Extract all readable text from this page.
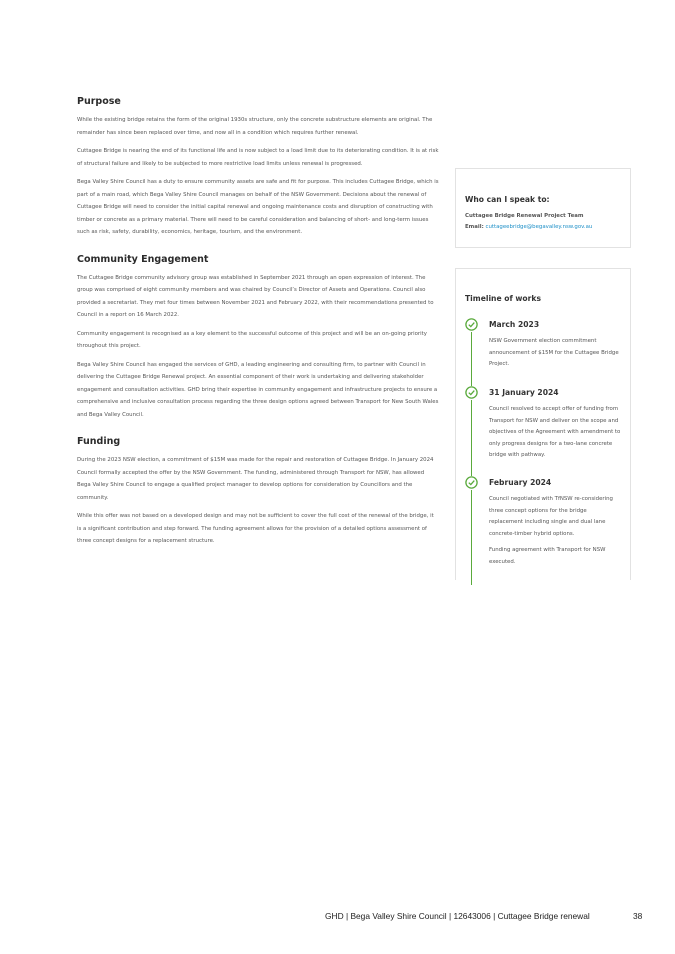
Purpose

While the existing bridge retains the form of the original 1930s structure, only the concrete substructure elements are original. The remainder has since been replaced over time, and now all in a condition which requires further renewal.

Cuttagee Bridge is nearing the end of its functional life and is now subject to a load limit due to its deteriorating condition. It is at risk of structural failure and likely to be subjected to more restrictive load limits unless renewal is progressed.

Bega Valley Shire Council has a duty to ensure community assets are safe and fit for purpose. This includes Cuttagee Bridge, which is part of a main road, which Bega Valley Shire Council manages on behalf of the NSW Government. Decisions about the renewal of Cuttagee Bridge will need to consider the initial capital renewal and ongoing maintenance costs and disruption of constructing with timber or concrete as a primary material. There will need to be careful consideration and balancing of short- and long-term issues such as risk, safety, durability, economics, heritage, tourism, and the environment.

Community Engagement

The Cuttagee Bridge community advisory group was established in September 2021 through an open expression of interest. The group was comprised of eight community members and was chaired by Council’s Director of Assets and Operations. Council also provided a secretariat. They met four times between November 2021 and February 2022, with their recommendations presented to Council in a report on 16 March 2022.

Community engagement is recognised as a key element to the successful outcome of this project and will be an on-going priority throughout this project.

Bega Valley Shire Council has engaged the services of GHD, a leading engineering and consulting firm, to partner with Council in delivering the Cuttagee Bridge Renewal project. An essential component of their work is undertaking and delivering stakeholder engagement and consultation activities. GHD bring their expertise in community engagement and infrastructure projects to ensure a comprehensive and inclusive consultation process regarding the three design options agreed between Transport for New South Wales and Bega Valley Council.

Funding

During the 2023 NSW election, a commitment of $15M was made for the repair and restoration of Cuttagee Bridge. In January 2024 Council formally accepted the offer by the NSW Government. The funding, administered through Transport for NSW, has allowed Bega Valley Shire Council to engage a qualified project manager to develop options for consideration by Councillors and the community.

While this offer was not based on a developed design and may not be sufficient to cover the full cost of the renewal of the bridge, it is a significant contribution and step forward. The funding agreement allows for the provision of a detailed options assessment of three concept designs for a replacement structure.

Who can I speak to:
Cuttagee Bridge Renewal Project Team
Email: cuttageebridge@begavalley.nsw.gov.au
Timeline of works
March 2023

NSW Government election commitment announcement of $15M for the Cuttagee Bridge Project.

31 January 2024

Council resolved to accept offer of funding from Transport for NSW and deliver on the scope and objectives of the Agreement with amendment to only progress designs for a two-lane concrete bridge with pathway.

February 2024

Council negotiated with TfNSW re-considering three concept options for the bridge replacement including single and dual lane concrete-timber hybrid options.

Funding agreement with Transport for NSW executed.

GHD | Bega Valley Shire Council | 12643006 | Cuttagee Bridge renewal	38
